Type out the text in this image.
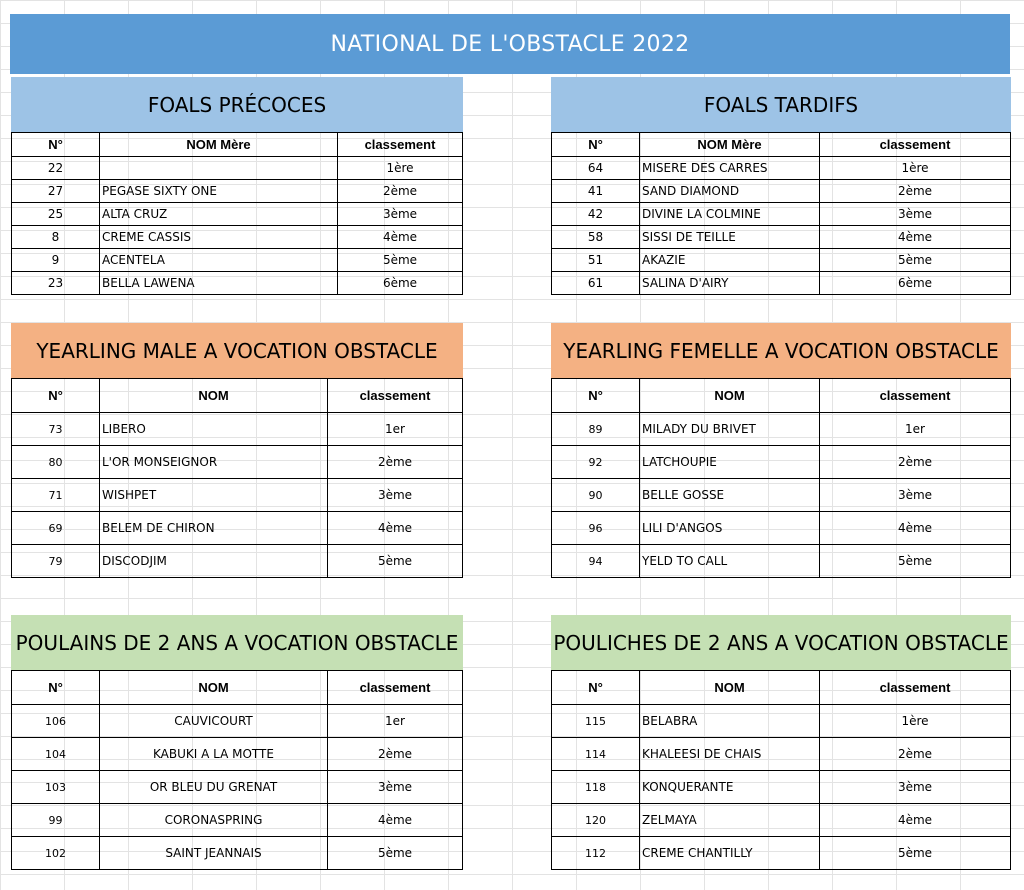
NATIONAL DE L'OBSTACLE 2022
FOALS PRÉCOCES
N°	NOM Mère	classement
22		1ère
27	PEGASE SIXTY ONE	2ème
25	ALTA CRUZ	3ème
8	CREME CASSIS	4ème
9	ACENTELA	5ème
23	BELLA LAWENA	6ème
FOALS TARDIFS
N°	NOM Mère	classement
64	MISERE DES CARRES	1ère
41	SAND DIAMOND	2ème
42	DIVINE LA COLMINE	3ème
58	SISSI DE TEILLE	4ème
51	AKAZIE	5ème
61	SALINA D'AIRY	6ème
YEARLING MALE A VOCATION OBSTACLE
N°	NOM	classement
73	LIBERO	1er
80	L'OR MONSEIGNOR	2ème
71	WISHPET	3ème
69	BELEM DE CHIRON	4ème
79	DISCODJIM	5ème
YEARLING FEMELLE A VOCATION OBSTACLE
N°	NOM	classement
89	MILADY DU BRIVET	1er
92	LATCHOUPIE	2ème
90	BELLE GOSSE	3ème
96	LILI D'ANGOS	4ème
94	YELD TO CALL	5ème
POULAINS DE 2 ANS A VOCATION OBSTACLE
N°	NOM	classement
106	CAUVICOURT	1er
104	KABUKI A LA MOTTE	2ème
103	OR BLEU DU GRENAT	3ème
99	CORONASPRING	4ème
102	SAINT JEANNAIS	5ème
POULICHES DE 2 ANS A VOCATION OBSTACLE
N°	NOM	classement
115	BELABRA	1ère
114	KHALEESI DE CHAIS	2ème
118	KONQUERANTE	3ème
120	ZELMAYA	4ème
112	CREME CHANTILLY	5ème
